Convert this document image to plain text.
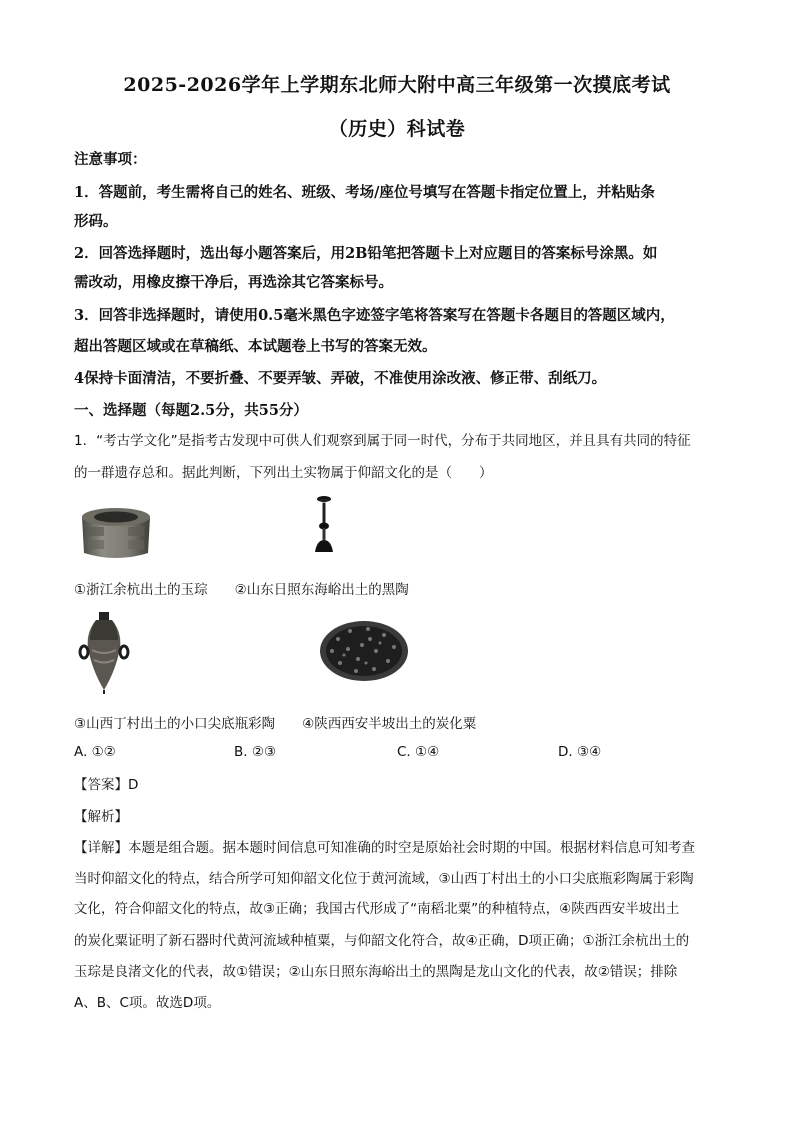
2025-2026学年上学期东北师大附中高三年级第一次摸底考试
（历史）科试卷
注意事项：
1．答题前，考生需将自己的姓名、班级、考场/座位号填写在答题卡指定位置上，并粘贴条
形码。
2．回答选择题时，选出每小题答案后，用2B铅笔把答题卡上对应题目的答案标号涂黑。如
需改动，用橡皮擦干净后，再选涂其它答案标号。
3．回答非选择题时，请使用0.5毫米黑色字迹签字笔将答案写在答题卡各题目的答题区域内，
超出答题区域或在草稿纸、本试题卷上书写的答案无效。
4保持卡面清洁，不要折叠、不要弄皱、弄破，不准使用涂改液、修正带、刮纸刀。
一、选择题（每题2.5分，共55分）
1．“考古学文化”是指考古发现中可供人们观察到属于同一时代，分布于共同地区，并且具有共同的特征
的一群遗存总和。据此判断，下列出土实物属于仰韶文化的是（　　）
①浙江余杭出土的玉琮　　②山东日照东海峪出土的黑陶
③山西丁村出土的小口尖底瓶彩陶　　④陕西西安半坡出土的炭化粟
A. ①②	B. ②③	C. ①④	D. ③④
【答案】D
【解析】
【详解】本题是组合题。据本题时间信息可知准确的时空是原始社会时期的中国。根据材料信息可知考查
当时仰韶文化的特点，结合所学可知仰韶文化位于黄河流域，③山西丁村出土的小口尖底瓶彩陶属于彩陶
文化，符合仰韶文化的特点，故③正确；我国古代形成了“南稻北粟”的种植特点，④陕西西安半坡出土
的炭化粟证明了新石器时代黄河流域种植粟，与仰韶文化符合，故④正确，D项正确；①浙江余杭出土的
玉琮是良渚文化的代表，故①错误；②山东日照东海峪出土的黑陶是龙山文化的代表，故②错误；排除
A、B、C项。故选D项。
